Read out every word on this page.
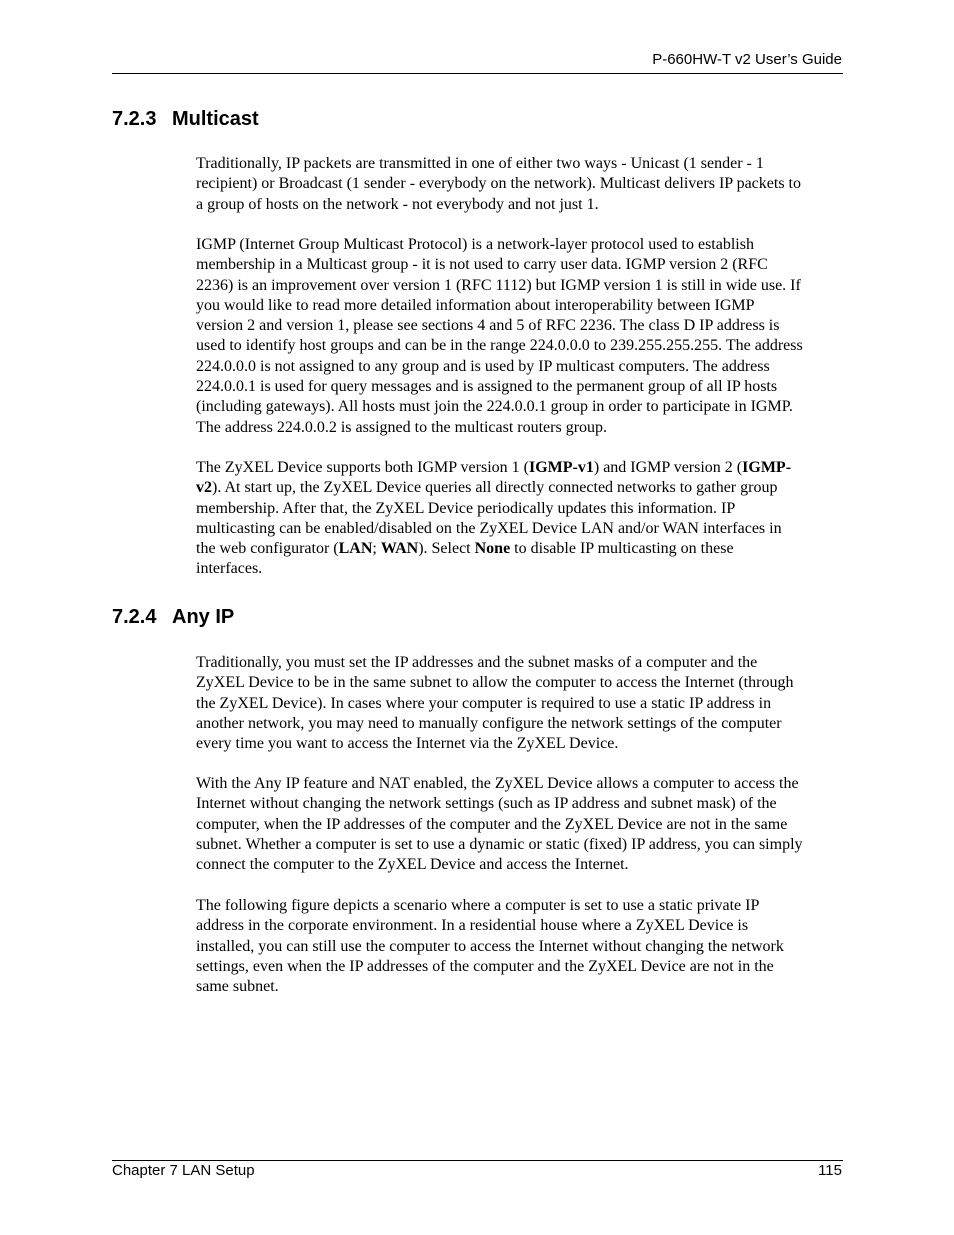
P-660HW-T v2 User’s Guide
7.2.3 Multicast
Traditionally, IP packets are transmitted in one of either two ways - Unicast (1 sender - 1
recipient) or Broadcast (1 sender - everybody on the network). Multicast delivers IP packets to
a group of hosts on the network - not everybody and not just 1.
IGMP (Internet Group Multicast Protocol) is a network-layer protocol used to establish
membership in a Multicast group - it is not used to carry user data. IGMP version 2 (RFC
2236) is an improvement over version 1 (RFC 1112) but IGMP version 1 is still in wide use. If
you would like to read more detailed information about interoperability between IGMP
version 2 and version 1, please see sections 4 and 5 of RFC 2236. The class D IP address is
used to identify host groups and can be in the range 224.0.0.0 to 239.255.255.255. The address
224.0.0.0 is not assigned to any group and is used by IP multicast computers. The address
224.0.0.1 is used for query messages and is assigned to the permanent group of all IP hosts
(including gateways). All hosts must join the 224.0.0.1 group in order to participate in IGMP.
The address 224.0.0.2 is assigned to the multicast routers group.
The ZyXEL Device supports both IGMP version 1 (IGMP-v1) and IGMP version 2 (IGMP-
v2). At start up, the ZyXEL Device queries all directly connected networks to gather group
membership. After that, the ZyXEL Device periodically updates this information. IP
multicasting can be enabled/disabled on the ZyXEL Device LAN and/or WAN interfaces in
the web configurator (LAN; WAN). Select None to disable IP multicasting on these
interfaces.
7.2.4 Any IP
Traditionally, you must set the IP addresses and the subnet masks of a computer and the
ZyXEL Device to be in the same subnet to allow the computer to access the Internet (through
the ZyXEL Device). In cases where your computer is required to use a static IP address in
another network, you may need to manually configure the network settings of the computer
every time you want to access the Internet via the ZyXEL Device.
With the Any IP feature and NAT enabled, the ZyXEL Device allows a computer to access the
Internet without changing the network settings (such as IP address and subnet mask) of the
computer, when the IP addresses of the computer and the ZyXEL Device are not in the same
subnet. Whether a computer is set to use a dynamic or static (fixed) IP address, you can simply
connect the computer to the ZyXEL Device and access the Internet.
The following figure depicts a scenario where a computer is set to use a static private IP
address in the corporate environment. In a residential house where a ZyXEL Device is
installed, you can still use the computer to access the Internet without changing the network
settings, even when the IP addresses of the computer and the ZyXEL Device are not in the
same subnet.
Chapter 7 LAN Setup	115
